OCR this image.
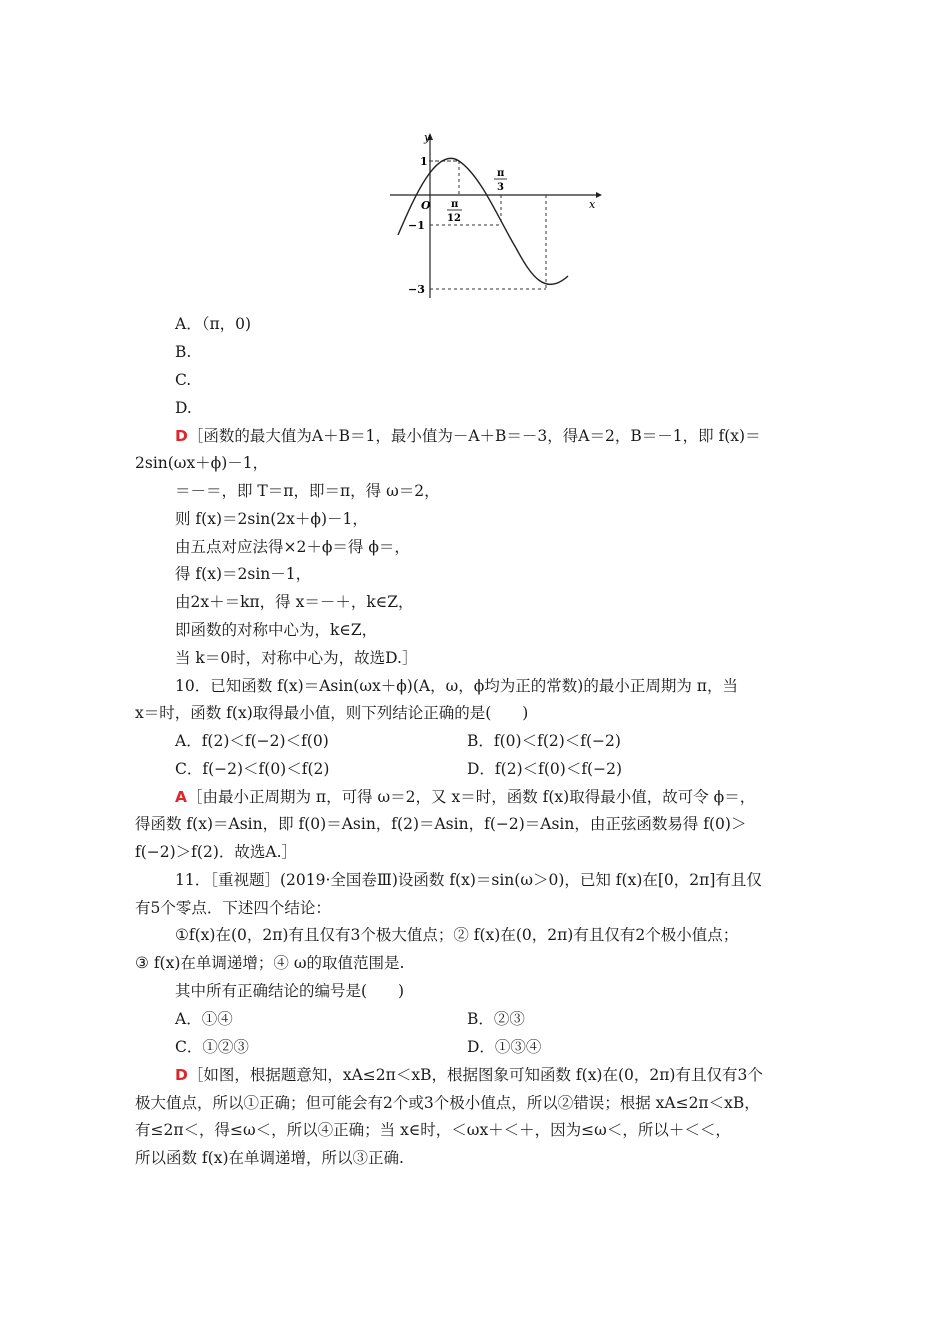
y
x
O
1
−1
−3
π
12
π
3
A．（π，0)
B.
C.
D.
D［函数的最大值为A＋B＝1，最小值为－A＋B＝－3，得A＝2，B＝－1，即 f(x)＝
2sin(ωx＋ϕ)－1，
＝－＝，即 T＝π，即＝π，得 ω＝2，
则 f(x)＝2sin(2x＋ϕ)－1，
由五点对应法得×2＋ϕ＝得 ϕ＝，
得 f(x)＝2sin－1，
由2x＋＝kπ，得 x＝－＋，k∈Z，
即函数的对称中心为，k∈Z，
当 k＝0时，对称中心为，故选D.］
10．已知函数 f(x)＝Asin(ωx＋ϕ)(A，ω，ϕ均为正的常数)的最小正周期为 π，当
x＝时，函数 f(x)取得最小值，则下列结论正确的是(　　)
A．f(2)＜f(−2)＜f(0)	B．f(0)＜f(2)＜f(−2)
C．f(−2)＜f(0)＜f(2)	D．f(2)＜f(0)＜f(−2)
A［由最小正周期为 π，可得 ω＝2，又 x＝时，函数 f(x)取得最小值，故可令 ϕ＝，
得函数 f(x)＝Asin，即 f(0)＝Asin，f(2)＝Asin，f(−2)＝Asin，由正弦函数易得 f(0)＞
f(−2)＞f(2)．故选A.］
11．［重视题］(2019·全国卷Ⅲ)设函数 f(x)＝sin(ω＞0)，已知 f(x)在[0，2π]有且仅
有5个零点．下述四个结论：
①f(x)在(0，2π)有且仅有3个极大值点；② f(x)在(0，2π)有且仅有2个极小值点；
③ f(x)在单调递增；④ ω的取值范围是.
其中所有正确结论的编号是(　　)
A．①④	B．②③
C．①②③	D．①③④
D［如图，根据题意知，xA≤2π＜xB，根据图象可知函数 f(x)在(0，2π)有且仅有3个
极大值点，所以①正确；但可能会有2个或3个极小值点，所以②错误；根据 xA≤2π＜xB，
有≤2π＜，得≤ω＜，所以④正确；当 x∈时，＜ωx＋＜＋，因为≤ω＜，所以＋＜＜，
所以函数 f(x)在单调递增，所以③正确.
